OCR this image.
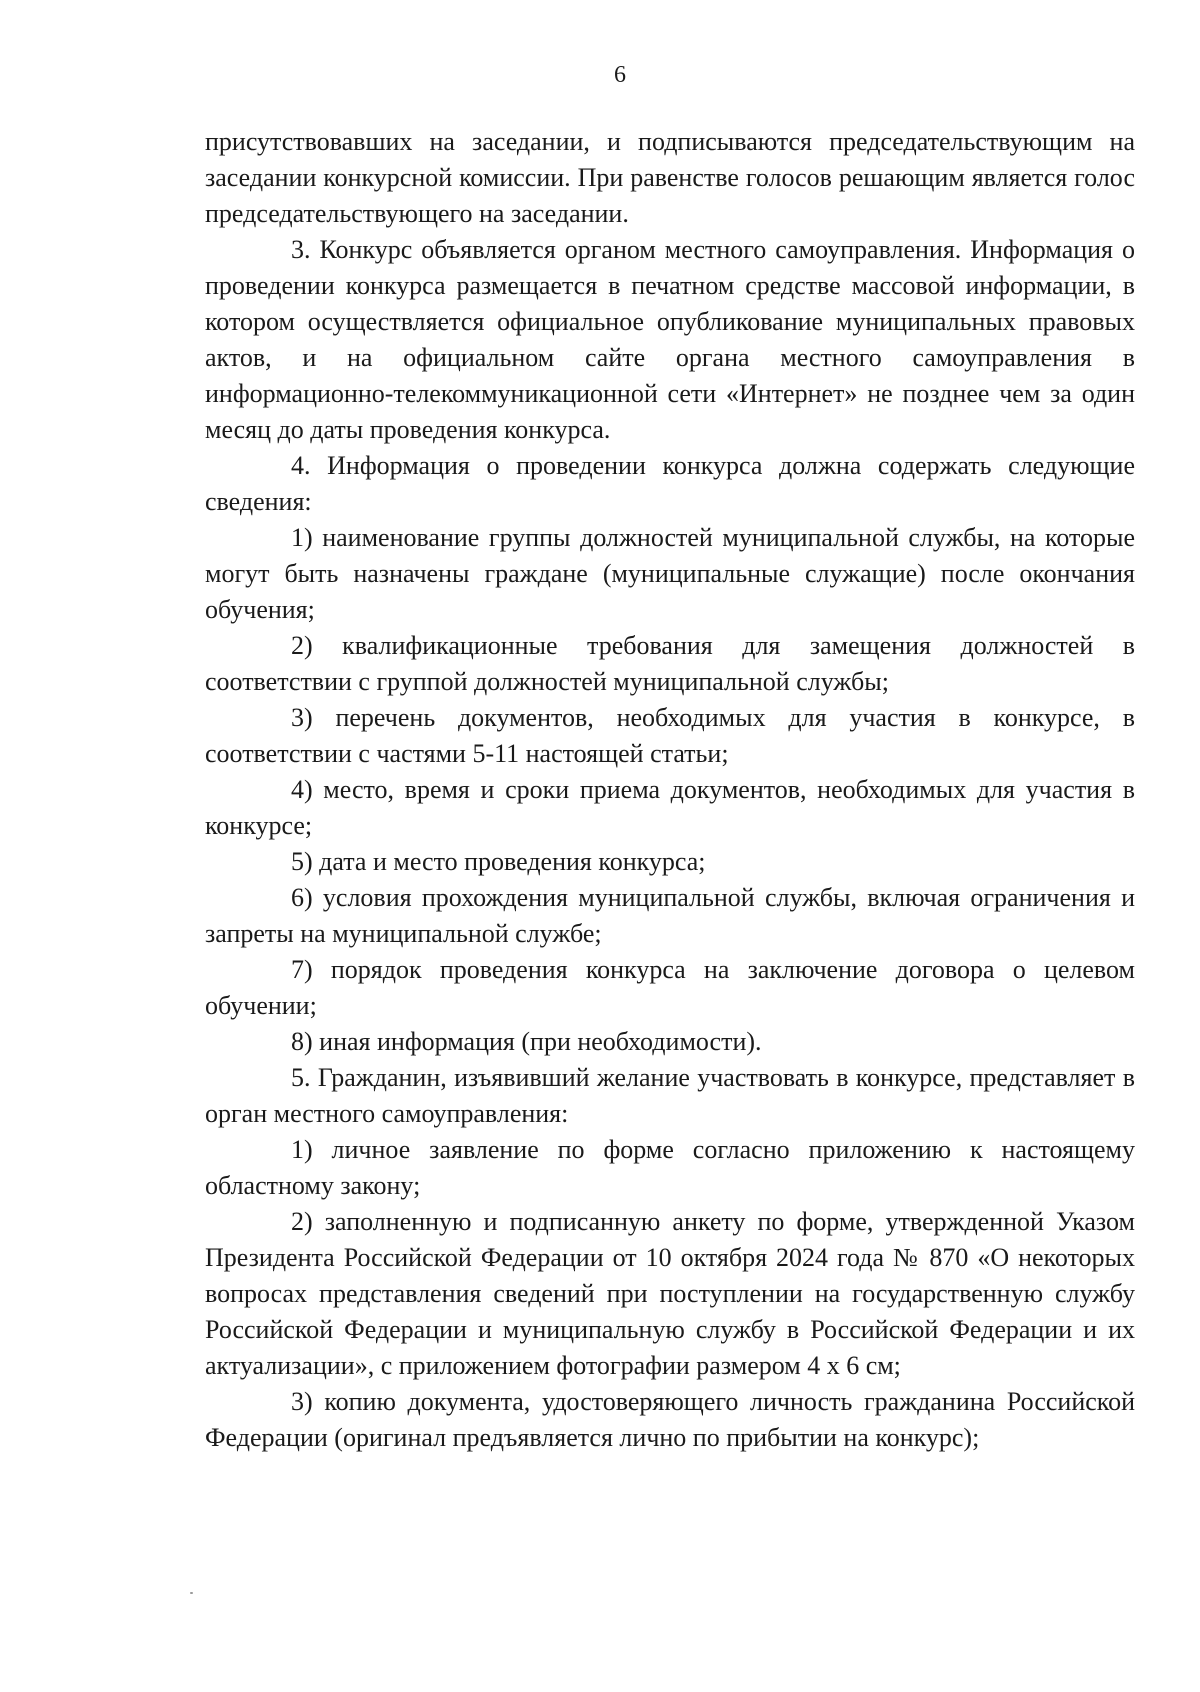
6

присутствовавших на заседании, и подписываются председательствующим на заседании конкурсной комиссии. При равенстве голосов решающим является голос председательствующего на заседании.

3. Конкурс объявляется органом местного самоуправления. Информация о проведении конкурса размещается в печатном средстве массовой информации, в котором осуществляется официальное опубликование муниципальных правовых актов, и на официальном сайте органа местного самоуправления в информационно-телекоммуникационной сети «Интернет» не позднее чем за один месяц до даты проведения конкурса.

4. Информация о проведении конкурса должна содержать следующие сведения:

1) наименование группы должностей муниципальной службы, на которые могут быть назначены граждане (муниципальные служащие) после окончания обучения;

2) квалификационные требования для замещения должностей в соответствии с группой должностей муниципальной службы;

3) перечень документов, необходимых для участия в конкурсе, в соответствии с частями 5-11 настоящей статьи;

4) место, время и сроки приема документов, необходимых для участия в конкурсе;

5) дата и место проведения конкурса;

6) условия прохождения муниципальной службы, включая ограничения и запреты на муниципальной службе;

7) порядок проведения конкурса на заключение договора о целевом обучении;

8) иная информация (при необходимости).

5. Гражданин, изъявивший желание участвовать в конкурсе, представляет в орган местного самоуправления:

1) личное заявление по форме согласно приложению к настоящему областному закону;

2) заполненную и подписанную анкету по форме, утвержденной Указом Президента Российской Федерации от 10 октября 2024 года № 870 «О некоторых вопросах представления сведений при поступлении на государственную службу Российской Федерации и муниципальную службу в Российской Федерации и их актуализации», с приложением фотографии размером 4 х 6 см;

3) копию документа, удостоверяющего личность гражданина Российской Федерации (оригинал предъявляется лично по прибытии на конкурс);
